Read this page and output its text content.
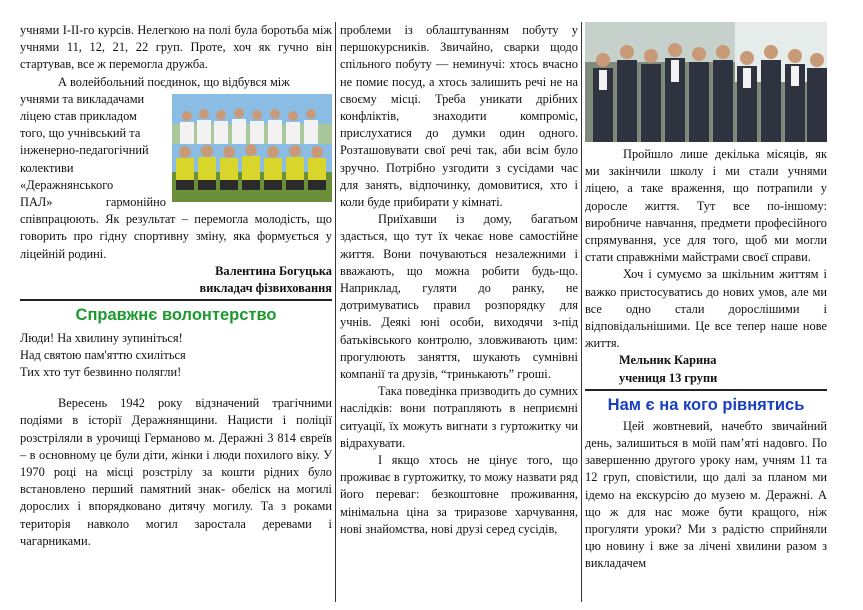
учнями І-ІІ-го курсів. Нелегкою на полі була боротьба між учнями 11, 12, 21, 22 груп. Проте, хоч як гучно він стартував, все ж перемогла дружба.

А волейбольний поєдинок, що відбувся між

учнями та викладачами ліцею став прикладом того, що учнівський та інженерно-педагогічний колективи «Деражнянського

ПАЛ» гармонійно співпрацюють. Як результат – перемогла молодість, що говорить про гідну спортивну зміну, яка формується у ліцейній родині.

Валентина Богуцька
викладач фізвиховання
Справжнє волонтерство

Люди! На хвилину зупиніться!

Над святою пам'яттю схиліться

Тих хто тут безвинно полягли!

Вересень 1942 року відзначений трагічними подіями в історії Деражнянщини. Нацисти і поліції розстріляли в урочищі Германово м. Деражні 3 814 євреїв – в основному це були діти, жінки і люди похилого віку. У 1970 році на місці розстрілу за кошти рідних було встановлено перший памятний знак- обеліск на могилі дорослих і впорядковано дитячу могилу. Та з роками територія навколо могил заростала деревами і чагарниками.

проблеми із облаштуванням побуту у першокурсників. Звичайно, сварки щодо спільного побуту — неминучі: хтось вчасно не помиє посуд, а хтось залишить речі не на своєму місці. Треба уникати дрібних конфліктів, знаходити компроміс, прислухатися до думки один одного. Розташовувати свої речі так, аби всім було зручно. Потрібно узгодити з сусідами час для занять, відпочинку, домовитися, хто і коли буде прибирати у кімнаті.

Приїхавши із дому, багатьом здасться, що тут їх чекає нове самостійне життя. Вони почуваються незалежними і вважають, що можна робити будь-що. Наприклад, гуляти до ранку, не дотримуватись правил розпорядку для учнів. Деякі юні особи, виходячи з-під батьківського контролю, зловживають цим: прогулюють заняття, шукають сумнівні компанії та друзів, “тринькають” гроші.

Така поведінка призводить до сумних наслідків: вони потрапляють в неприємні ситуації, їх можуть вигнати з гуртожитку чи відрахувати.

І якщо хтось не цінує того, що проживає в гуртожитку, то можу назвати ряд його переваг: безкоштовне проживання, мінімальна ціна за триразове харчування, нові знайомства, нові друзі серед сусідів,

Пройшло лише декілька місяців, як ми закінчили школу і ми стали учнями ліцею, а таке враження, що потрапили у доросле життя. Тут все по-іншому: виробниче навчання, предмети професійного спрямування, усе для того, щоб ми могли стати справжніми майстрами своєї справи.

Хоч і сумуємо за шкільним життям і важко пристосуватись до нових умов, але ми все одно стали дорослішими і відповідальнішими. Це все тепер наше нове життя.

Мельник Карина
учениця 13 групи
Нам є на кого рівнятись

Цей жовтневий, начебто звичайний день, залишиться в моїй пам’яті надовго. По завершенню другого уроку нам, учням 11 та 12 груп, сповістили, що далі за планом ми ідемо на екскурсію до музею м. Деражні. А що ж для нас може бути кращого, ніж прогуляти уроки? Ми з радістю сприйняли цю новину і вже за лічені хвилини разом з викладачем
